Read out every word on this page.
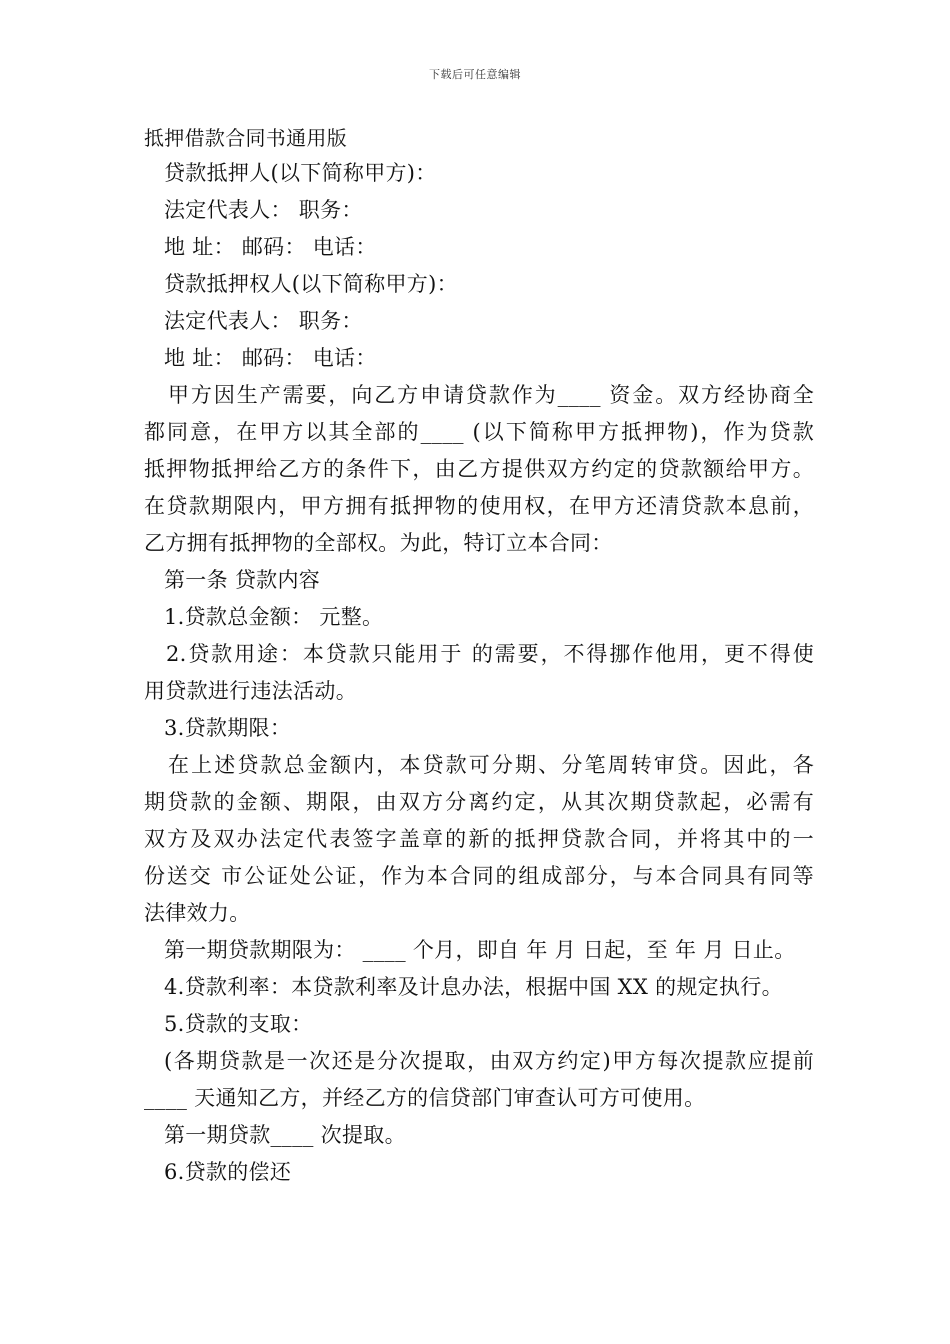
下载后可任意编辑
抵押借款合同书通用版
贷款抵押人(以下简称甲方)：
法定代表人： 职务：
地 址： 邮码： 电话：
贷款抵押权人(以下简称甲方)：
法定代表人： 职务：
地 址： 邮码： 电话：
甲方因生产需要，向乙方申请贷款作为____ 资金。双方经协商全
都同意，在甲方以其全部的____ (以下简称甲方抵押物)，作为贷款
抵押物抵押给乙方的条件下，由乙方提供双方约定的贷款额给甲方。
在贷款期限内，甲方拥有抵押物的使用权，在甲方还清贷款本息前，
乙方拥有抵押物的全部权。为此，特订立本合同：
第一条 贷款内容
1.贷款总金额： 元整。
2.贷款用途：本贷款只能用于 的需要，不得挪作他用，更不得使
用贷款进行违法活动。
3.贷款期限：
在上述贷款总金额内，本贷款可分期、分笔周转审贷。因此，各
期贷款的金额、期限，由双方分离约定，从其次期贷款起，必需有
双方及双办法定代表签字盖章的新的抵押贷款合同，并将其中的一
份送交 市公证处公证，作为本合同的组成部分，与本合同具有同等
法律效力。
第一期贷款期限为： ____ 个月，即自 年 月 日起，至 年 月 日止。
4.贷款利率：本贷款利率及计息办法，根据中国 XX 的规定执行。
5.贷款的支取：
(各期贷款是一次还是分次提取，由双方约定)甲方每次提款应提前
____ 天通知乙方，并经乙方的信贷部门审查认可方可使用。
第一期贷款____ 次提取。
6.贷款的偿还
